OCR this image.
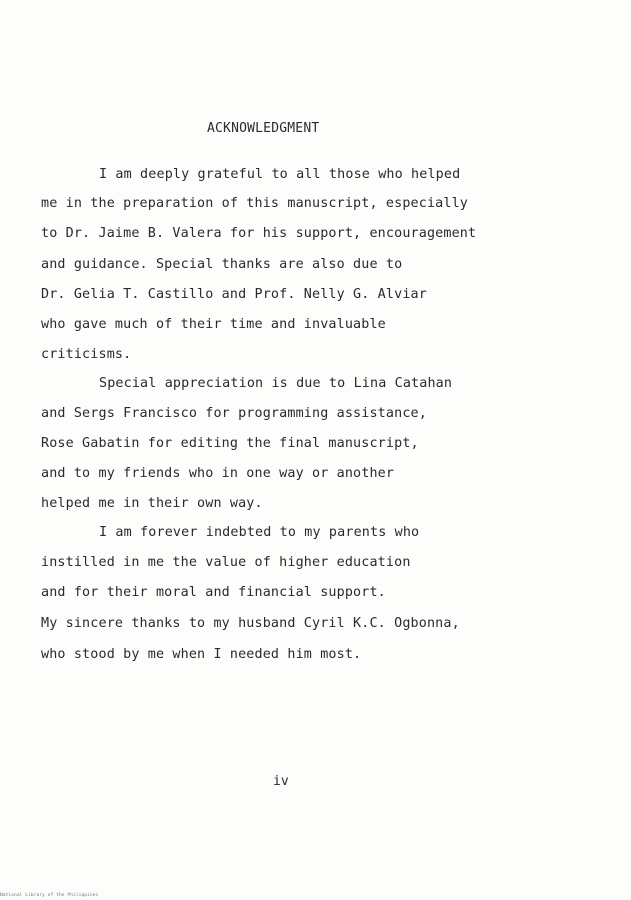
ACKNOWLEDGMENT
I am deeply grateful to all those who helped
me in the preparation of this manuscript, especially
to Dr. Jaime B. Valera for his support, encouragement
and guidance. Special thanks are also due to
Dr. Gelia T. Castillo and Prof. Nelly G. Alviar
who gave much of their time and invaluable
criticisms.
Special appreciation is due to Lina Catahan
and Sergs Francisco for programming assistance,
Rose Gabatin for editing the final manuscript,
and to my friends who in one way or another
helped me in their own way.
I am forever indebted to my parents who
instilled in me the value of higher education
and for their moral and financial support.
My sincere thanks to my husband Cyril K.C. Ogbonna,
who stood by me when I needed him most.
iv
National Library of the Philippines
